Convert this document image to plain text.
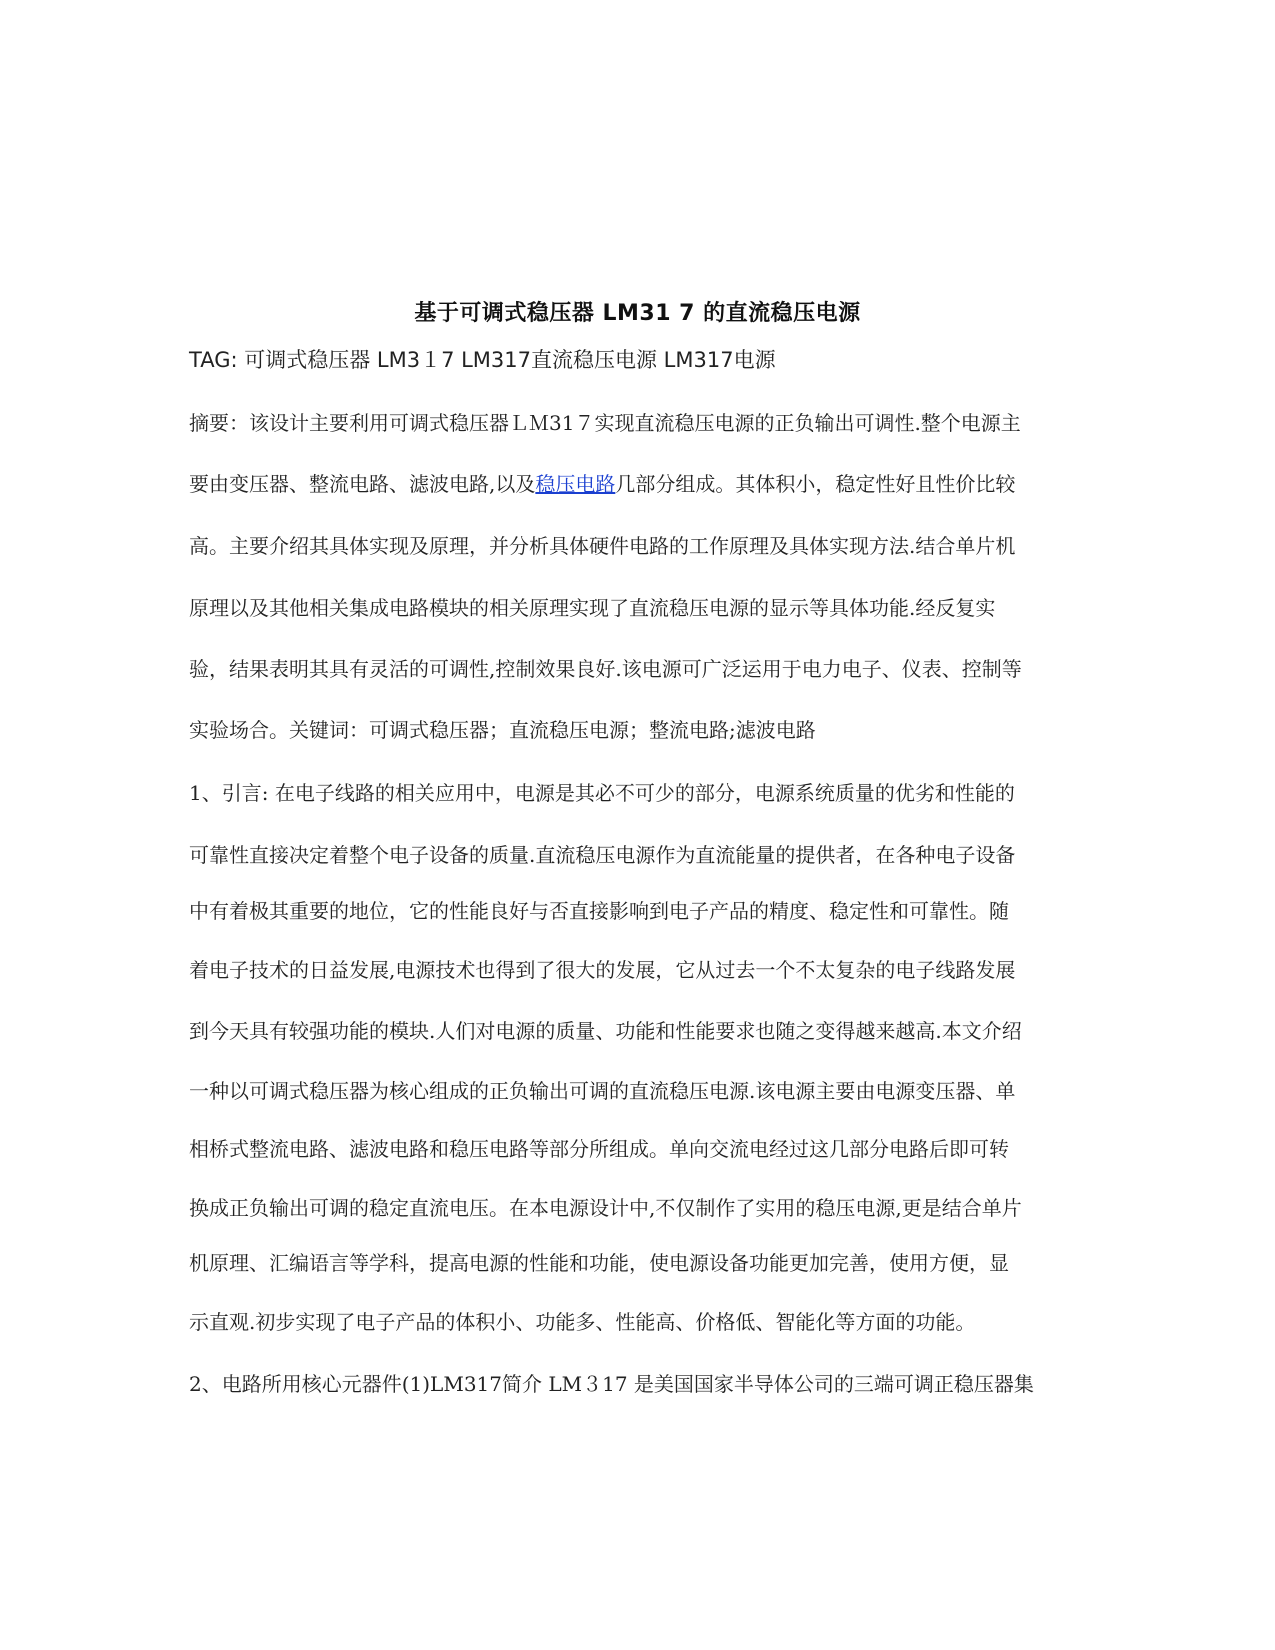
基于可调式稳压器 LM31 7 的直流稳压电源
TAG: 可调式稳压器 LM3１7 LM317直流稳压电源 LM317电源
摘要：该设计主要利用可调式稳压器ＬＭ31７实现直流稳压电源的正负输出可调性.整个电源主
要由变压器、整流电路、滤波电路,以及稳压电路几部分组成。其体积小，稳定性好且性价比较
高。主要介绍其具体实现及原理，并分析具体硬件电路的工作原理及具体实现方法.结合单片机
原理以及其他相关集成电路模块的相关原理实现了直流稳压电源的显示等具体功能.经反复实
验，结果表明其具有灵活的可调性,控制效果良好.该电源可广泛运用于电力电子、仪表、控制等
实验场合。关键词：可调式稳压器；直流稳压电源；整流电路;滤波电路
1、引言: 在电子线路的相关应用中，电源是其必不可少的部分，电源系统质量的优劣和性能的
可靠性直接决定着整个电子设备的质量.直流稳压电源作为直流能量的提供者，在各种电子设备
中有着极其重要的地位，它的性能良好与否直接影响到电子产品的精度、稳定性和可靠性。随
着电子技术的日益发展,电源技术也得到了很大的发展，它从过去一个不太复杂的电子线路发展
到今天具有较强功能的模块.人们对电源的质量、功能和性能要求也随之变得越来越高.本文介绍
一种以可调式稳压器为核心组成的正负输出可调的直流稳压电源.该电源主要由电源变压器、单
相桥式整流电路、滤波电路和稳压电路等部分所组成。单向交流电经过这几部分电路后即可转
换成正负输出可调的稳定直流电压。在本电源设计中,不仅制作了实用的稳压电源,更是结合单片
机原理、汇编语言等学科，提高电源的性能和功能，使电源设备功能更加完善，使用方便，显
示直观.初步实现了电子产品的体积小、功能多、性能高、价格低、智能化等方面的功能。
2、电路所用核心元器件(1)LM317简介 LM３17 是美国国家半导体公司的三端可调正稳压器集
